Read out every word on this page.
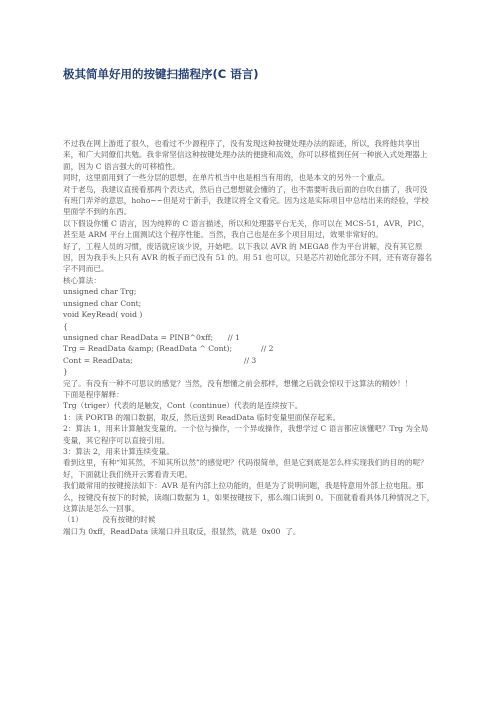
极其简单好用的按键扫描程序(C 语言)

不过我在网上游逛了很久，也看过不少源程序了，没有发现这种按键处理办法的踪迹，所以，我将他共享出来，和广大同僚们共勉。我非常坚信这种按键处理办法的便捷和高效，你可以移植到任何一种嵌入式处理器上面，因为 C 语言强大的可移植性。

同时，这里面用到了一些分层的思想，在单片机当中也是相当有用的，也是本文的另外一个重点。

对于老鸟，我建议直接看那两个表达式，然后自己想想就会懂的了，也不需要听我后面的自吹自擂了，我可没有班门弄斧的意思，hoho~~但是对于新手，我建议将全文看完。因为这是实际项目中总结出来的经验，学校里面学不到的东西。

以下假设你懂 C 语言，因为纯粹的 C 语言描述，所以和处理器平台无关，你可以在 MCS-51，AVR，PIC，甚至是 ARM 平台上面测试这个程序性能。当然，我自己也是在多个项目用过，效果非常好的。

好了，工程人员的习惯，废话就应该少说，开始吧。以下我以 AVR 的 MEGA8 作为平台讲解，没有其它原因，因为我手头上只有 AVR 的板子而已没有 51 的。用 51 也可以，只是芯片初始化部分不同，还有寄存器名字不同而已。

核心算法：

unsigned char Trg;

unsigned char Cont;

void KeyRead( void )

{

unsigned char ReadData = PINB^0xff;      // 1

Trg = ReadData &amp; (ReadData ^ Cont);            // 2

Cont = ReadData;                                              // 3

}

完了。有没有一种不可思议的感觉？当然，没有想懂之前会那样，想懂之后就会惊叹于这算法的精妙！！

下面是程序解释：

Trg（triger）代表的是触发，Cont（continue）代表的是连续按下。

1：读 PORTB 的端口数据，取反，然后送到 ReadData 临时变量里面保存起来。

2：算法 1，用来计算触发变量的。一个位与操作，一个异或操作，我想学过 C 语言都应该懂吧？Trg 为全局变量，其它程序可以直接引用。

3：算法 2，用来计算连续变量。

看到这里，有种“知其然，不知其所以然”的感觉吧？代码很简单，但是它到底是怎么样实现我们的目的的呢？好，下面就让我们绕开云雾看青天吧。

我们最常用的按键接法如下：AVR 是有内部上拉功能的，但是为了说明问题，我是特意用外部上拉电阻。那么，按键没有按下的时候，读端口数据为 1，如果按键按下，那么端口读到 0。下面就看看具体几种情况之下，这算法是怎么一回事。

（1）        没有按键的时候

端口为 0xff，ReadData 读端口并且取反，很显然，就是  0x00  了。
